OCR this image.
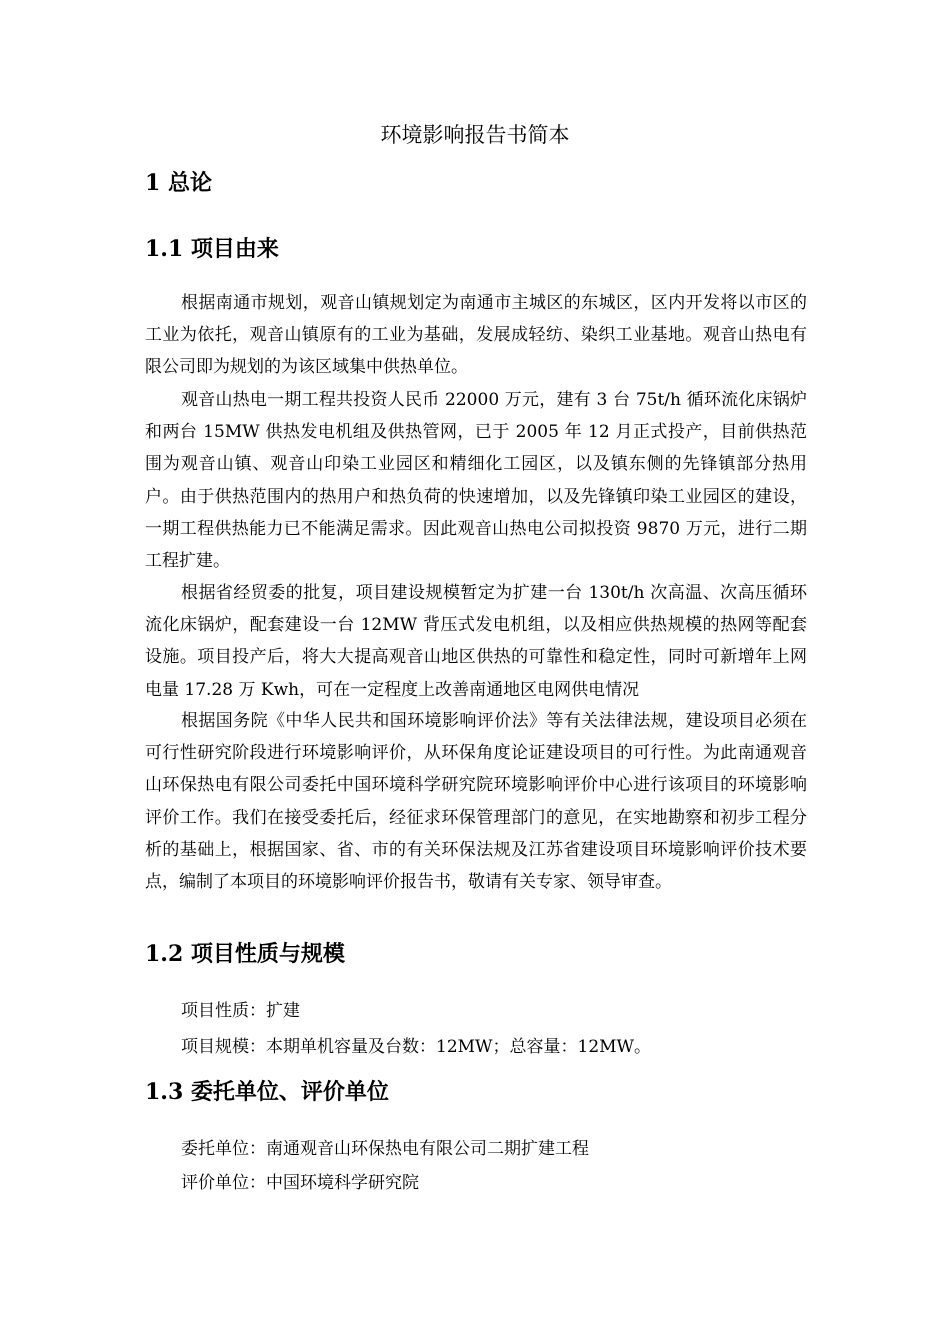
环境影响报告书简本
1 总论
1.1 项目由来

根据南通市规划，观音山镇规划定为南通市主城区的东城区，区内开发将以市区的工业为依托，观音山镇原有的工业为基础，发展成轻纺、染织工业基地。观音山热电有限公司即为规划的为该区域集中供热单位。

观音山热电一期工程共投资人民币 22000 万元，建有 3 台 75t/h 循环流化床锅炉和两台 15MW 供热发电机组及供热管网，已于 2005 年 12 月正式投产，目前供热范围为观音山镇、观音山印染工业园区和精细化工园区，以及镇东侧的先锋镇部分热用户。由于供热范围内的热用户和热负荷的快速增加，以及先锋镇印染工业园区的建设，一期工程供热能力已不能满足需求。因此观音山热电公司拟投资 9870 万元，进行二期工程扩建。

根据省经贸委的批复，项目建设规模暂定为扩建一台 130t/h 次高温、次高压循环流化床锅炉，配套建设一台 12MW 背压式发电机组，以及相应供热规模的热网等配套设施。项目投产后，将大大提高观音山地区供热的可靠性和稳定性，同时可新增年上网电量 17.28 万 Kwh，可在一定程度上改善南通地区电网供电情况

根据国务院《中华人民共和国环境影响评价法》等有关法律法规，建设项目必须在可行性研究阶段进行环境影响评价，从环保角度论证建设项目的可行性。为此南通观音山环保热电有限公司委托中国环境科学研究院环境影响评价中心进行该项目的环境影响评价工作。我们在接受委托后，经征求环保管理部门的意见，在实地勘察和初步工程分析的基础上，根据国家、省、市的有关环保法规及江苏省建设项目环境影响评价技术要点，编制了本项目的环境影响评价报告书，敬请有关专家、领导审查。

1.2 项目性质与规模

项目性质：扩建

项目规模：本期单机容量及台数：12MW；总容量：12MW。

1.3 委托单位、评价单位

委托单位：南通观音山环保热电有限公司二期扩建工程

评价单位：中国环境科学研究院
